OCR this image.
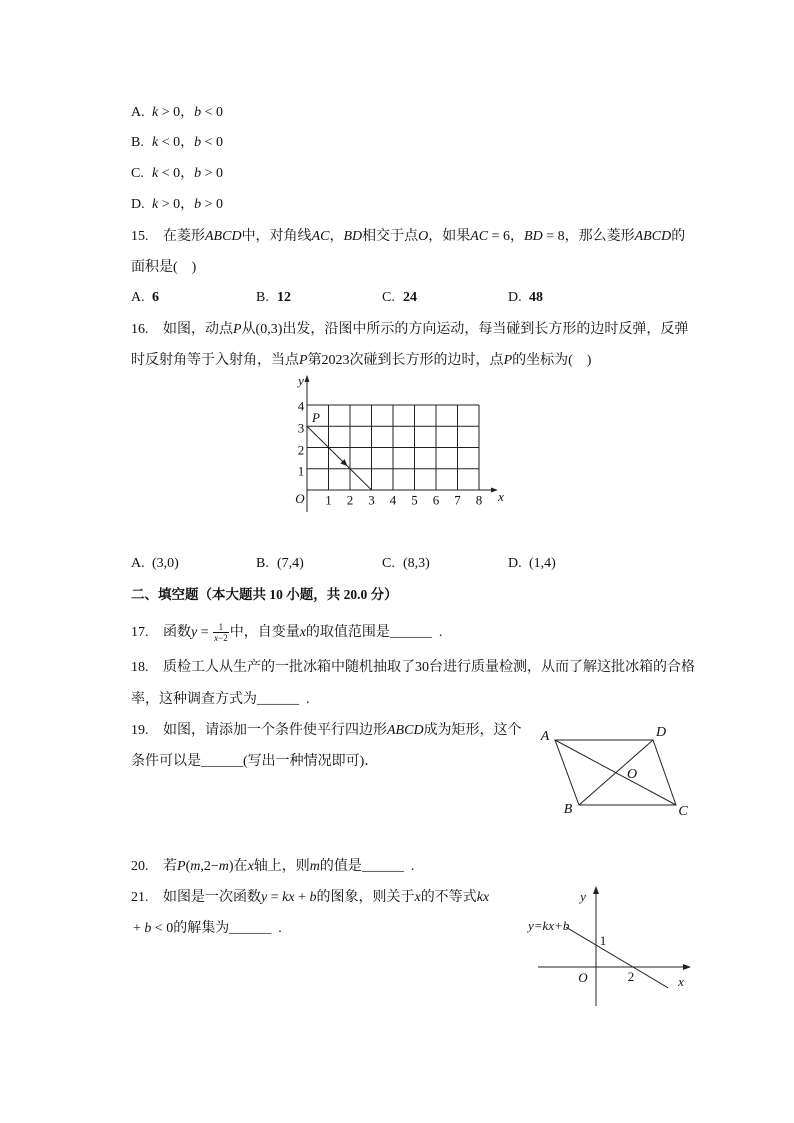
A. k > 0，b < 0
B. k < 0，b < 0
C. k < 0，b > 0
D. k > 0，b > 0
15. 在菱形ABCD中，对角线AC，BD相交于点O，如果AC = 6，BD = 8，那么菱形ABCD的
面积是(    )
A. 6	B. 12	C. 24	D. 48
16. 如图，动点P从(0,3)出发，沿图中所示的方向运动，每当碰到长方形的边时反弹，反弹
时反射角等于入射角，当点P第2023次碰到长方形的边时，点P的坐标为(    )
y
x
O
P
1
2
3
4
1 2 3 4 5 6 7 8
A. (3,0)	B. (7,4)	C. (8,3)	D. (1,4)
二、填空题（本大题共 10 小题，共 20.0 分）
17. 函数$y = \frac{1}{x-2}$ 中，自变量x的取值范围是______  .
18. 质检工人从生产的一批冰箱中随机抽取了30台进行质量检测，从而了解这批冰箱的合格
率，这种调查方式为______  .
19. 如图，请添加一个条件使平行四边形ABCD成为矩形，这个
条件可以是______(写出一种情况即可)．
A	D
B	C
O
20. 若P(m,2−m)在x轴上，则m的值是______  .
21. 如图是一次函数y = kx + b的图象，则关于x的不等式kx
+ b < 0的解集为______  .
y
x
O
1
2
y=kx+b
